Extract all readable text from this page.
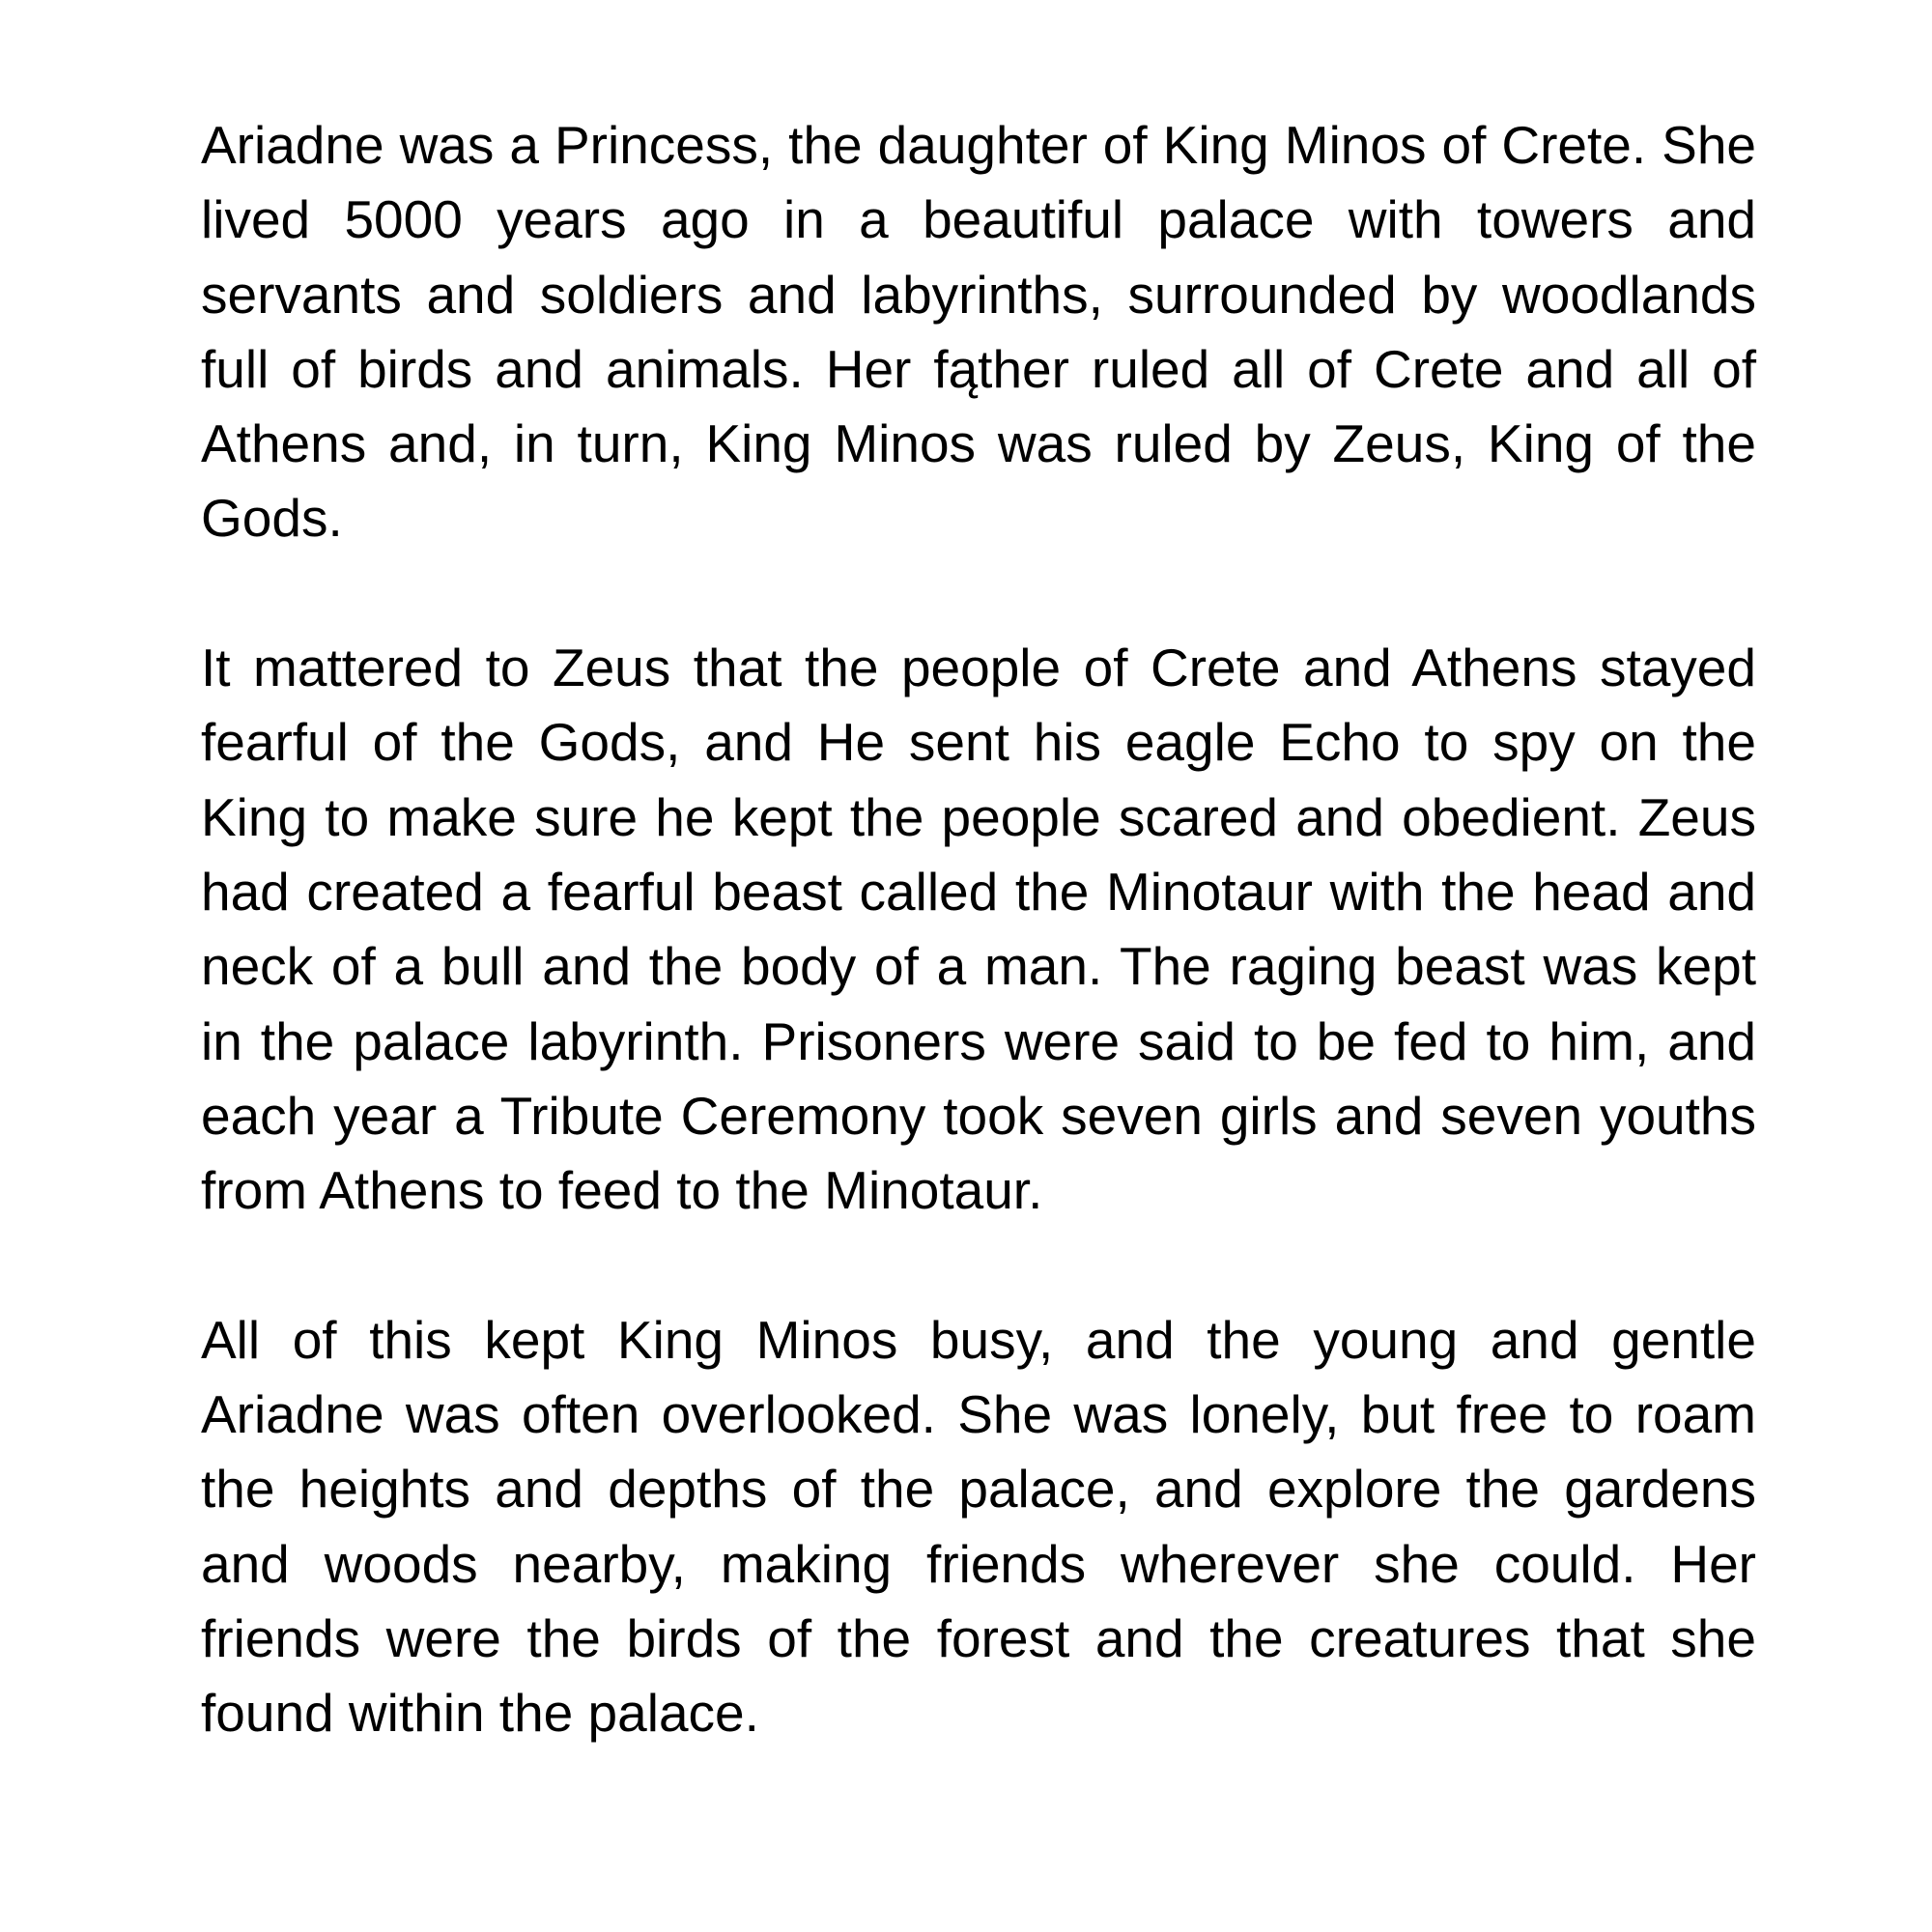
Ariadne was a Princess, the daughter of King Minos of Crete. She lived 5000 years ago in a beautiful palace with towers and servants and soldiers and labyrinths, surrounded by woodlands full of birds and animals. Her fąther ruled all of Crete and all of Athens and, in turn, King Minos was ruled by Zeus, King of the Gods.

It mattered to Zeus that the people of Crete and Athens stayed fearful of the Gods, and He sent his eagle Echo to spy on the King to make sure he kept the people scared and obedient. Zeus had created a fearful beast called the Minotaur with the head and neck of a bull and the body of a man. The raging beast was kept in the palace labyrinth. Prisoners were said to be fed to him, and each year a Tribute Ceremony took seven girls and seven youths from Athens to feed to the Minotaur.

All of this kept King Minos busy, and the young and gentle Ariadne was often overlooked. She was lonely, but free to roam the heights and depths of the palace, and explore the gardens and woods nearby, making friends wherever she could. Her friends were the birds of the forest and the creatures that she found within the palace.
